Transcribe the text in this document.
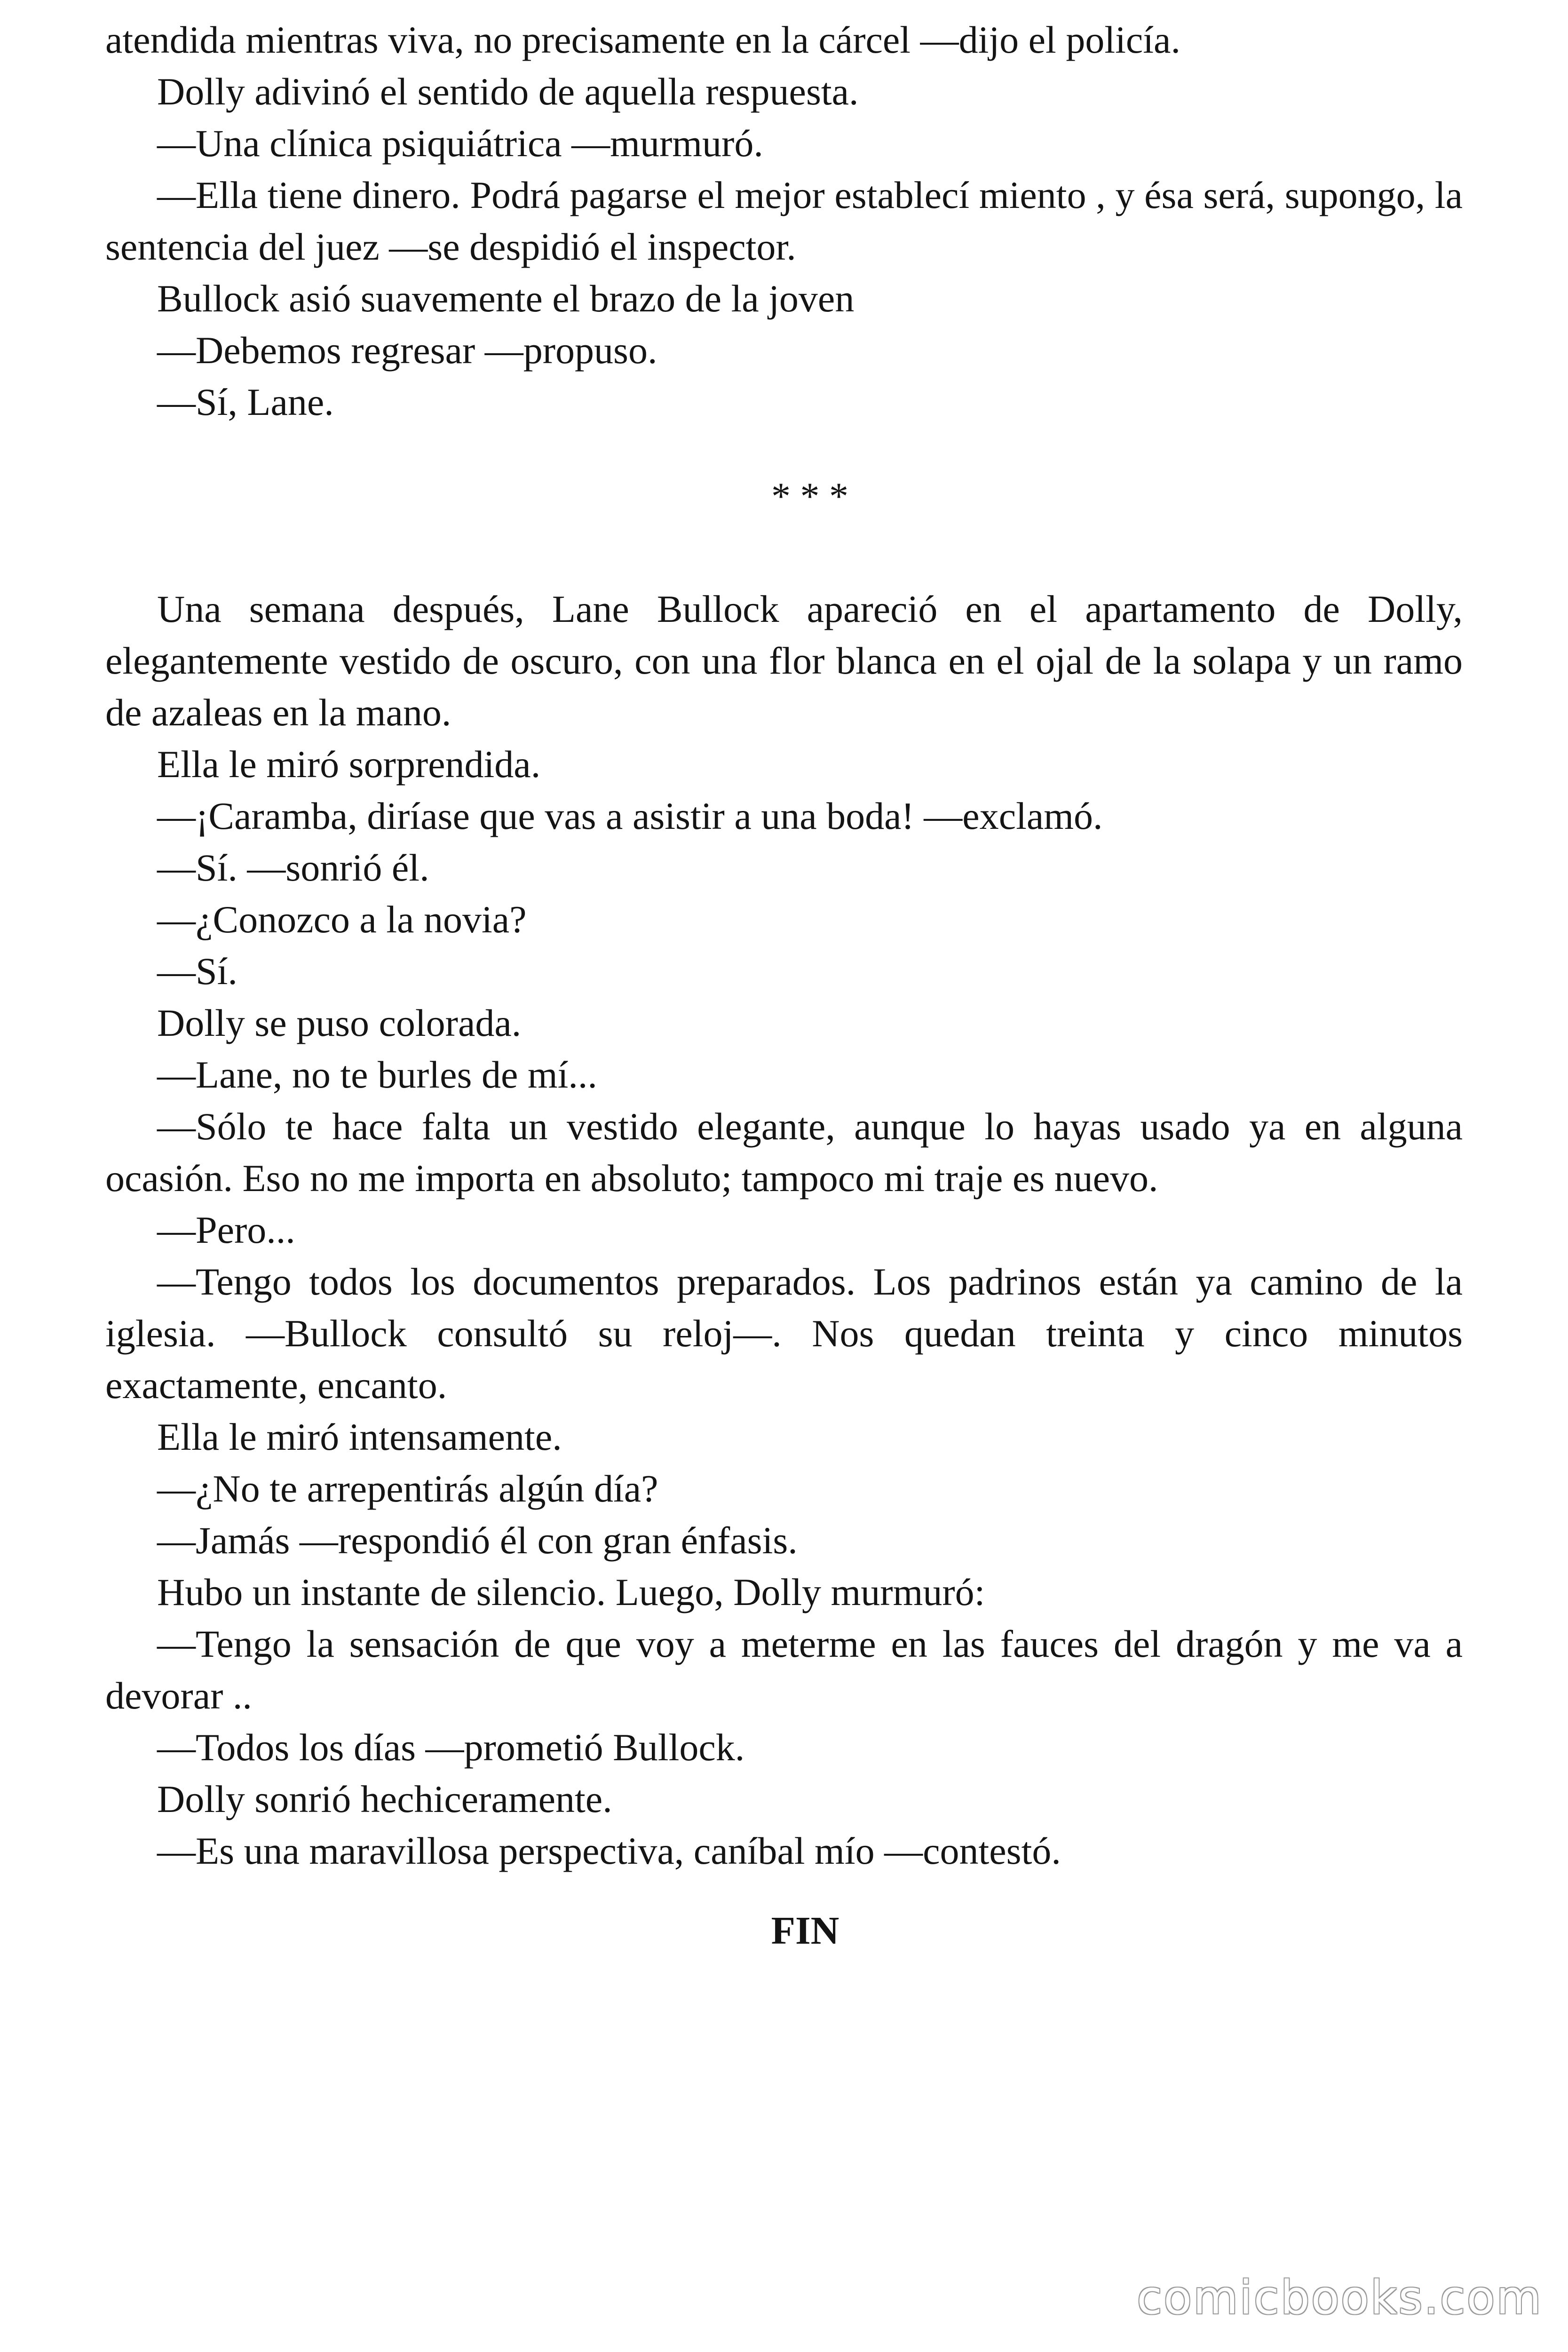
atendida mientras viva, no precisamente en la cárcel —dijo el policía.

Dolly adivinó el sentido de aquella respuesta.

—Una clínica psiquiátrica —murmuró.

—Ella tiene dinero. Podrá pagarse el mejor establecí miento , y ésa será, supongo, la sentencia del juez —se despidió el inspector.

Bullock asió suavemente el brazo de la joven

—Debemos regresar —propuso.

—Sí, Lane.

* * *

Una semana después, Lane Bullock apareció en el apartamento de Dolly, elegantemente vestido de oscuro, con una flor blanca en el ojal de la solapa y un ramo de azaleas en la mano.

Ella le miró sorprendida.

—¡Caramba, diríase que vas a asistir a una boda! —exclamó.

—Sí. —sonrió él.

—¿Conozco a la novia?

—Sí.

Dolly se puso colorada.

—Lane, no te burles de mí...

—Sólo te hace falta un vestido elegante, aunque lo hayas usado ya en alguna ocasión. Eso no me importa en absoluto; tampoco mi traje es nuevo.

—Pero...

—Tengo todos los documentos preparados. Los padrinos están ya camino de la iglesia. —Bullock consultó su reloj—. Nos quedan treinta y cinco minutos exactamente, encanto.

Ella le miró intensamente.

—¿No te arrepentirás algún día?

—Jamás —respondió él con gran énfasis.

Hubo un instante de silencio. Luego, Dolly murmuró:

—Tengo la sensación de que voy a meterme en las fauces del dragón y me va a devorar ..

—Todos los días —prometió Bullock.

Dolly sonrió hechiceramente.

—Es una maravillosa perspectiva, caníbal mío —contestó.

FIN
comicbooks.com
